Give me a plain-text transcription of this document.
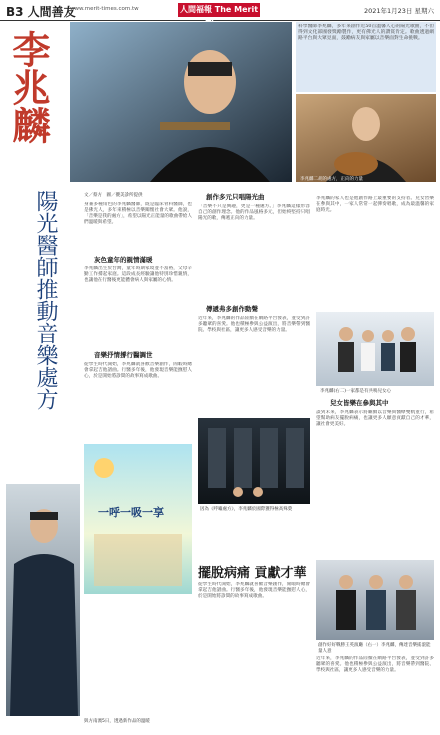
B3 人間善友
www.merit-times.com.tw	人間福報 The Merit	2021年1月23日 星期六
科學醫師李兆麟，多年來創作近50首溫馨人心的陽光歌曲，不但得到文化部國發獎勵製作，更有佛光人的讚賞肯定。歌曲透過網路平台與大眾見面，鼓勵病友與家屬以音樂面對生命挑戰。
李兆麟二胡的處方，正向的力量
李兆麟
陽光醫師推動音樂處方	文／蔡方　圖／優美診所提供
身兼多種角色的李兆麟醫師，既是臨床骨科醫師，也是佛光人，多年來積極以音樂關懷社會大眾。他說，「音樂是我的處方」，希望以陽光正能量的歌曲帶給人們溫暖與希望。
灰色童年的親情滿暖
李兆麟出生於台灣，童年時期家境並不富裕，父母辛勤工作撐起家庭。這段成長經驗讓他特別珍惜親情，也讓他在行醫後更能體會病人與家屬的心情。
音樂抒情撐行醫調世
從學生時代開始，李兆麟就喜歡音樂創作，閒暇時總會拿起吉他譜曲。行醫多年後，他發現音樂能撫慰人心，於是開始將診間的故事寫成歌曲。
創作多元只唱陽光曲
「音樂不只是興趣，更是一種處方。」李兆麟這樣形容自己的創作理念。他的作品風格多元，但始終堅持只唱陽光的歌，傳遞正向的力量。
傳遞弗多創作動聲
近年來，李兆麟的作品陸續在網路平台發表，並受到許多聽眾的喜愛。他也積極參與公益演出，將音樂帶到醫院、學校與社區，讓更多人感受音樂的力量。
李兆麟的家人也是他創作路上最重要的支持者。兒女皆樂在參與其中，一家人常常一起彈奏唱歌，成為最溫馨的家庭時光。
李兆麟(右二)一家都是有共鳴兒女心
兒女皆樂在參與其中
因為《呼嘯處方》，李兆麟於國際獲得極高殊榮
談到未來，李兆麟表示將繼續以音樂與醫療雙軌並行，希望幫助病友擺脫病痛，也讓更多人願意貢獻自己的才華，讓社會更美好。
一呼一吸一享
與方南澳5日，透過新作品的溫暖
擺脫病痛 貢獻才華
從學生時代開始，李兆麟就喜歡音樂創作，閒暇時總會拿起吉他譜曲。行醫多年後，他發現音樂能撫慰人心，於是開始將診間的故事寫成歌曲。
創作好好戰勝王英演廳（右一）李兆麟，傳達音樂搖滾能量人意
近年來，李兆麟的作品陸續在網路平台發表，並受到許多聽眾的喜愛。他也積極參與公益演出，將音樂帶到醫院、學校與社區，讓更多人感受音樂的力量。
